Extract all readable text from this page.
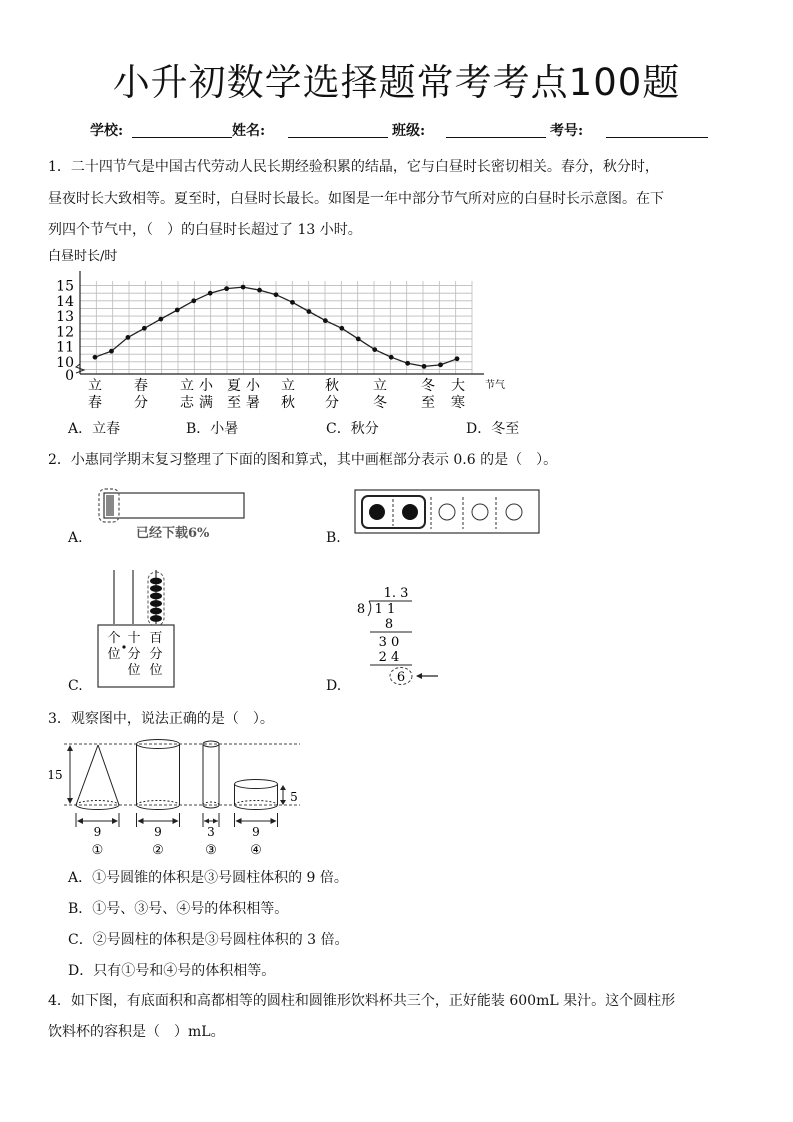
小升初数学选择题常考考点100题
学校:	姓名:	班级:	考号:
1．二十四节气是中国古代劳动人民长期经验积累的结晶，它与白昼时长密切相关。春分，秋分时，
昼夜时长大致相等。夏至时，白昼时长最长。如图是一年中部分节气所对应的白昼时长示意图。在下
列四个节气中，（　）的白昼时长超过了 13 小时。
白昼时长/时
0
10
11
12
13
14
15
立
春
春
分
立
志
小
满
夏
至
小
暑
立
秋
秋
分
立
冬
冬
至
大
寒
节气
A．立春	B．小暑	C．秋分	D．冬至
2．小惠同学期末复习整理了下面的图和算式，其中画框部分表示 0.6 的是（　）。
A.	已经下载6%	B.
C.
个
位
十
分
位
百
分
位
D.
1. 3
8 1 1
8
3 0
2 4
6
3．观察图中，说法正确的是（　）。
15
5
9	9	3	9
①	②	③	④
A．①号圆锥的体积是③号圆柱体积的 9 倍。
B．①号、③号、④号的体积相等。
C．②号圆柱的体积是③号圆柱体积的 3 倍。
D．只有①号和④号的体积相等。
4．如下图，有底面积和高都相等的圆柱和圆锥形饮料杯共三个，正好能装 600mL 果汁。这个圆柱形
饮料杯的容积是（　）mL。
